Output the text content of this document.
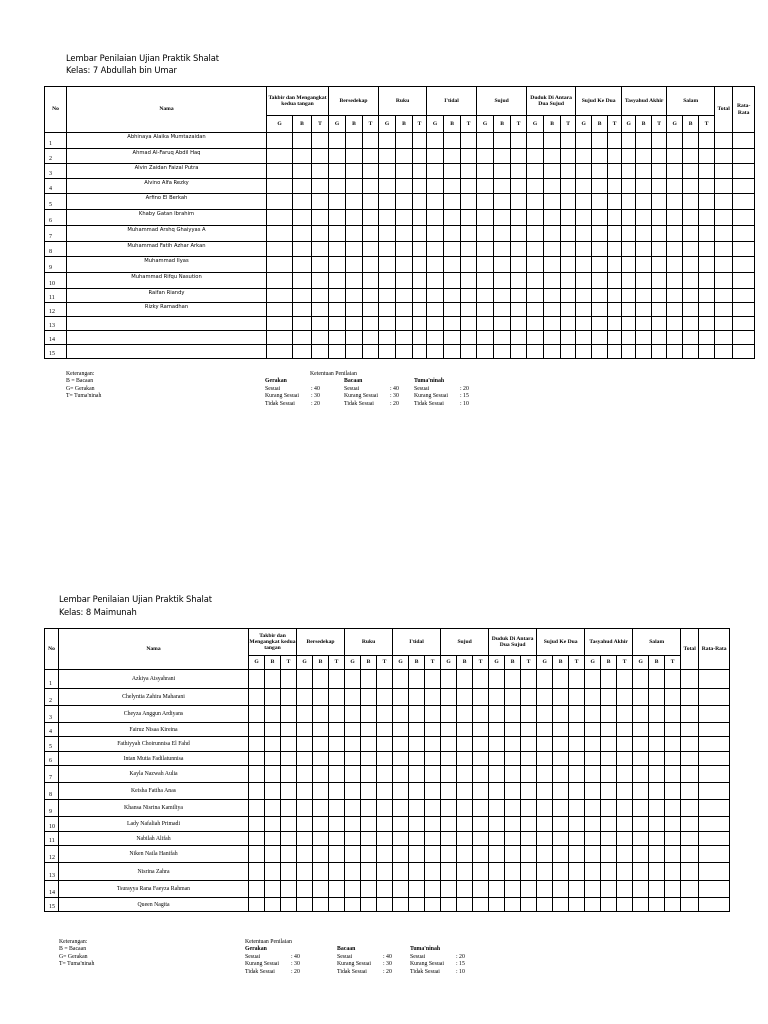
Lembar Penilaian Ujian Praktik Shalat
Kelas: 7 Abdullah bin Umar
No	Nama	Takbir dan Mengangkat kedua tangan			Bersedekap			Ruku			I'tidal			Sujud			Duduk Di Antara Dua Sujud			Sujud Ke Dua			Tasyahud Akhir			Salam			Total	Rata-Rata
		G	B	T	G	B	T	G	B	T	G	B	T	G	B	T	G	B	T	G	B	T	G	B	T	G	B	T		
1	Abhinaya Alaika Mumtazaidan																													
2	Ahmad Al-Faruq Abdil Haq																													
3	Alvin Zaidan Faizal Putra																													
4	Alvino Alfa Rezky																													
5	Arfino El Berkah																													
6	Khaby Gatan Ibrahim																													
7	Muhammad Arshq Ghaiyyas A																													
8	Muhammad Fatih Azhar Arkan																													
9	Muhammad Ilyas																													
10	Muhammad Rifqu Nasution																													
11	Raifan Riandy																													
12	Rizky Ramadhan																													
13																														
14																														
15																														
Keterangan:
B = Bacaan
G= Gerakan
T= Tuma'ninah
Ketentuan Penilaian
Gerakan
Sesuai	: 40
Kurang Sesuai	: 30
Tidak Sesuai	: 20
Bacaan
Sesuai	: 40
Kurang Sesuai	: 30
Tidak Sesuai	: 20
Tuma'ninah
Sesuai	: 20
Kurang Sesuai	: 15
Tidak Sesuai	: 10
Lembar Penilaian Ujian Praktik Shalat
Kelas: 8 Maimunah
No	Nama	Takbir dan Mengangkat kedua tangan			Bersedekap			Ruku			I'tidal			Sujud			Duduk Di Antara Dua Sujud			Sujud Ke Dua			Tasyahud Akhir			Salam			Total	Rata-Rata
		G	B	T	G	B	T	G	B	T	G	B	T	G	B	T	G	B	T	G	B	T	G	B	T	G	B	T		
1	Azkiya Aisyahrani																													
2	Chelyntia Zahira Maharani																													
3	Cheyza Anggun Ardiyans																													
4	Fairuz Nisaa Kireina																													
5	Fathiyyah Choirunnisa El Fahd																													
6	Intan Mutia Fadilatunnisa																													
7	Kayla Nazwah Aulia																													
8	Keisha Fatiha Anas																													
9	Khansa Nisrina Kamiliya																													
10	Lady Nafaliah Primadi																													
11	Nabilah Alifah																													
12	Niken Naila Hanifah																													
13	Nisrina Zahra																													
14	Tsurayya Rana Faeyza Rahman																													
15	Queen Nagita																													
Keterangan:
B = Bacaan
G= Gerakan
T= Tuma'ninah
Ketentuan Penilaian
Gerakan
Sesuai	: 40
Kurang Sesuai	: 30
Tidak Sesuai	: 20
Bacaan
Sesuai	: 40
Kurang Sesuai	: 30
Tidak Sesuai	: 20
Tuma'ninah
Sesuai	: 20
Kurang Sesuai	: 15
Tidak Sesuai	: 10
